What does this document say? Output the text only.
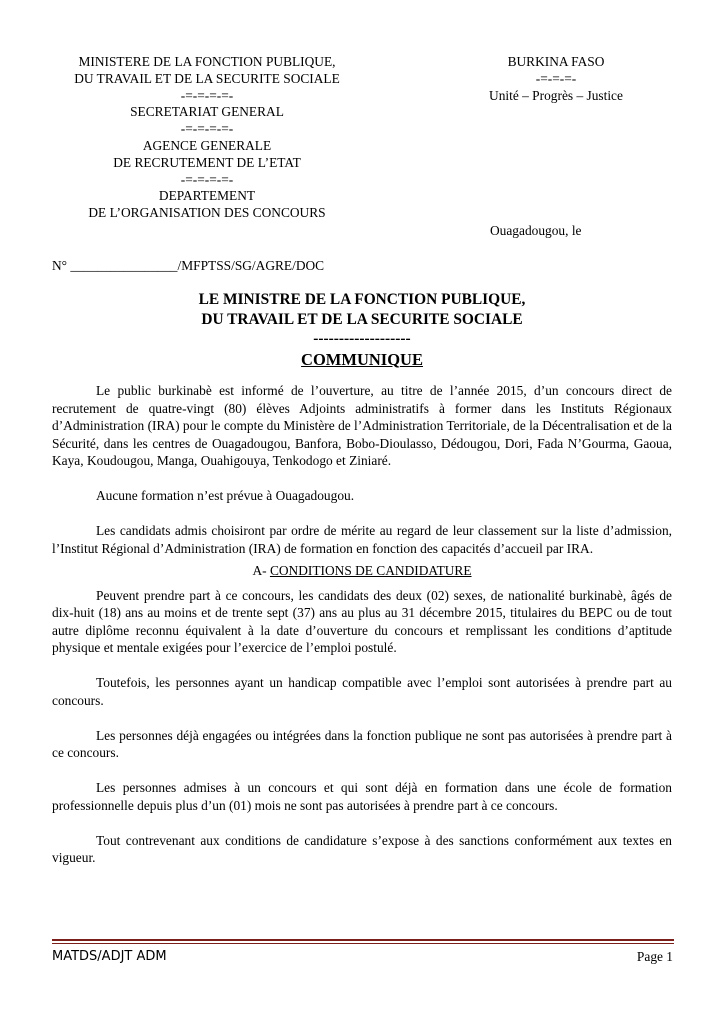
MINISTERE DE LA FONCTION PUBLIQUE,
DU TRAVAIL ET DE LA SECURITE SOCIALE
-=-=-=-=-
SECRETARIAT GENERAL
-=-=-=-=-
AGENCE GENERALE
DE RECRUTEMENT DE L’ETAT
-=-=-=-=-
DEPARTEMENT
DE L’ORGANISATION DES CONCOURS
BURKINA FASO
-=-=-=-
Unité – Progrès – Justice
Ouagadougou, le
N° ________________/MFPTSS/SG/AGRE/DOC
LE MINISTRE DE LA FONCTION PUBLIQUE,
DU TRAVAIL ET DE LA SECURITE SOCIALE
-------------------
COMMUNIQUE

Le public burkinabè est informé de l’ouverture, au titre de l’année 2015, d’un concours direct de recrutement de quatre-vingt (80) élèves Adjoints administratifs à former dans les Instituts Régionaux d’Administration (IRA) pour le compte du Ministère de l’Administration Territoriale, de la Décentralisation et de la Sécurité, dans les centres de Ouagadougou, Banfora, Bobo-Dioulasso, Dédougou, Dori, Fada N’Gourma, Gaoua, Kaya, Koudougou, Manga, Ouahigouya, Tenkodogo et Ziniaré.

Aucune formation n’est prévue à Ouagadougou.

Les candidats admis choisiront par ordre de mérite au regard de leur classement sur la liste d’admission, l’Institut Régional d’Administration (IRA) de formation en fonction des capacités d’accueil par IRA.

A- CONDITIONS DE CANDIDATURE

Peuvent prendre part à ce concours, les candidats des deux (02) sexes, de nationalité burkinabè, âgés de dix-huit (18) ans au moins et de trente sept (37) ans au plus au 31 décembre 2015, titulaires du BEPC ou de tout autre diplôme reconnu équivalent à la date d’ouverture du concours et remplissant les conditions d’aptitude physique et mentale exigées pour l’exercice de l’emploi postulé.

Toutefois, les personnes ayant un handicap compatible avec l’emploi sont autorisées à prendre part au concours.

Les personnes déjà engagées ou intégrées dans la fonction publique ne sont pas autorisées à prendre part à ce concours.

Les personnes admises à un concours et qui sont déjà en formation dans une école de formation professionnelle depuis plus d’un (01) mois ne sont pas autorisées à prendre part à ce concours.

Tout contrevenant aux conditions de candidature s’expose à des sanctions conformément aux textes en vigueur.

MATDS/ADJT ADM	Page 1
